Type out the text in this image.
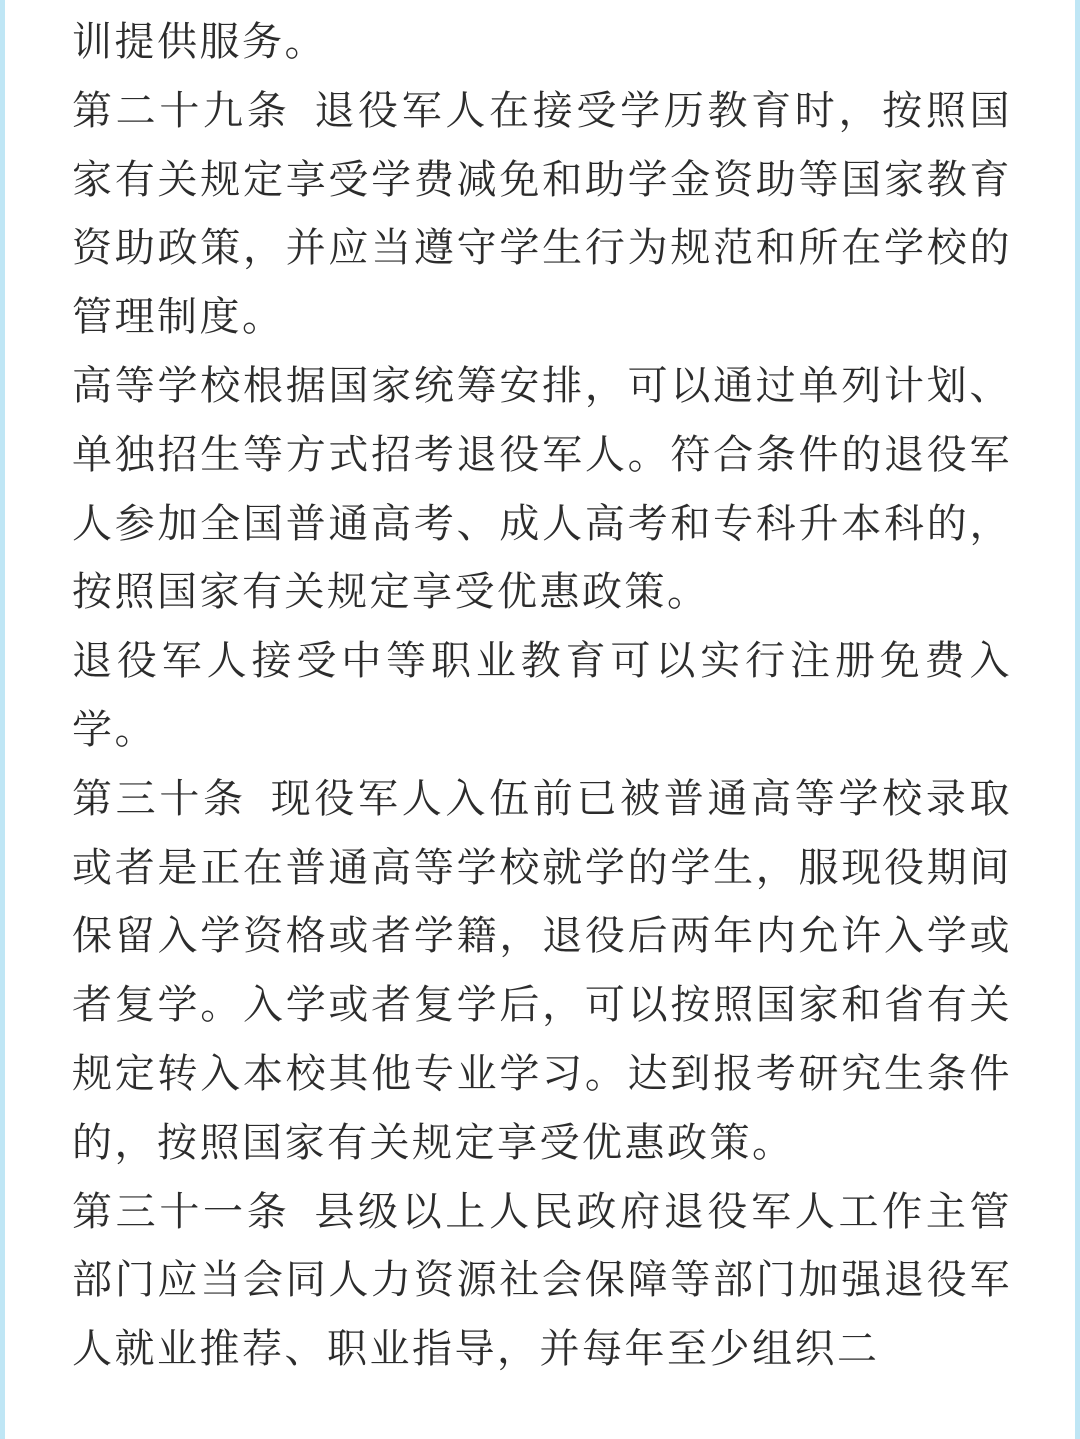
训提供服务。

第二十九条 退役军人在接受学历教育时，按照国家有关规定享受学费减免和助学金资助等国家教育资助政策，并应当遵守学生行为规范和所在学校的管理制度。

高等学校根据国家统筹安排，可以通过单列计划、单独招生等方式招考退役军人。符合条件的退役军人参加全国普通高考、成人高考和专科升本科的，按照国家有关规定享受优惠政策。

退役军人接受中等职业教育可以实行注册免费入学。

第三十条 现役军人入伍前已被普通高等学校录取或者是正在普通高等学校就学的学生，服现役期间保留入学资格或者学籍，退役后两年内允许入学或者复学。入学或者复学后，可以按照国家和省有关规定转入本校其他专业学习。达到报考研究生条件的，按照国家有关规定享受优惠政策。

第三十一条 县级以上人民政府退役军人工作主管部门应当会同人力资源社会保障等部门加强退役军人就业推荐、职业指导，并每年至少组织二
